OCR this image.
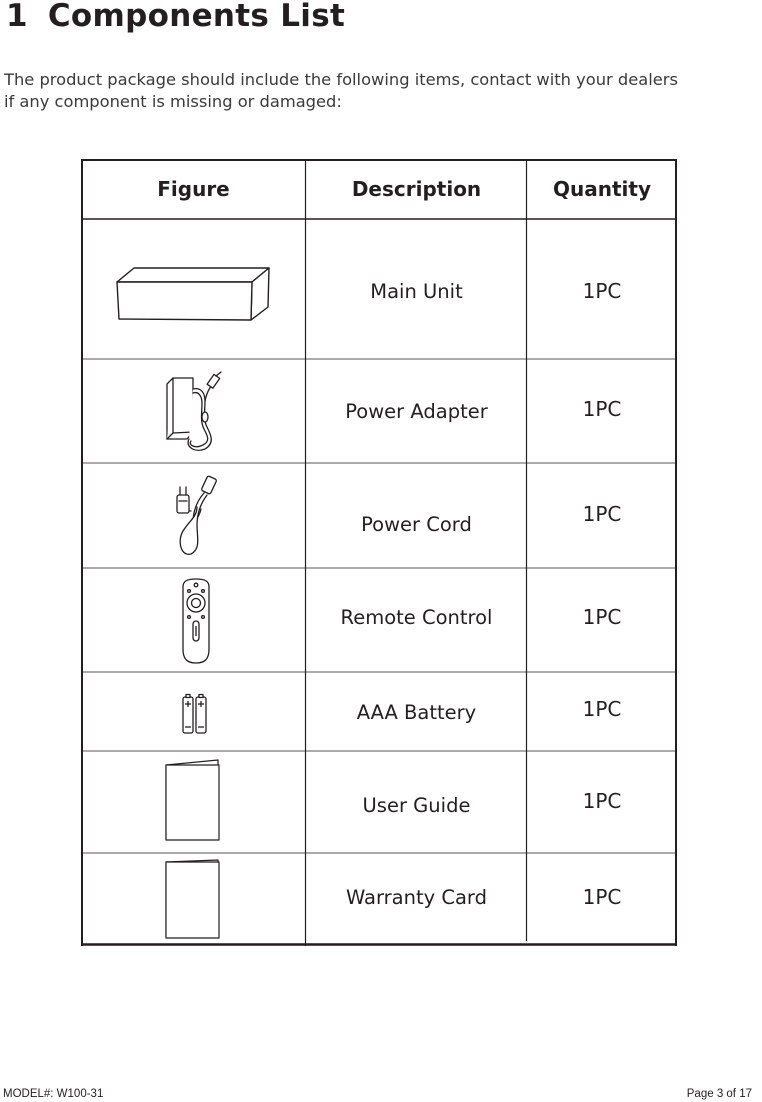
1 Components List

The product package should include the following items, contact with your dealers
if any component is missing or damaged:

Figure	Description	Quantity
Main Unit	1PC
Power Adapter	1PC
Power Cord	1PC
Remote Control	1PC
AAA Battery	1PC
User Guide	1PC
Warranty Card	1PC
MODEL#: W100-31	Page 3 of 17
